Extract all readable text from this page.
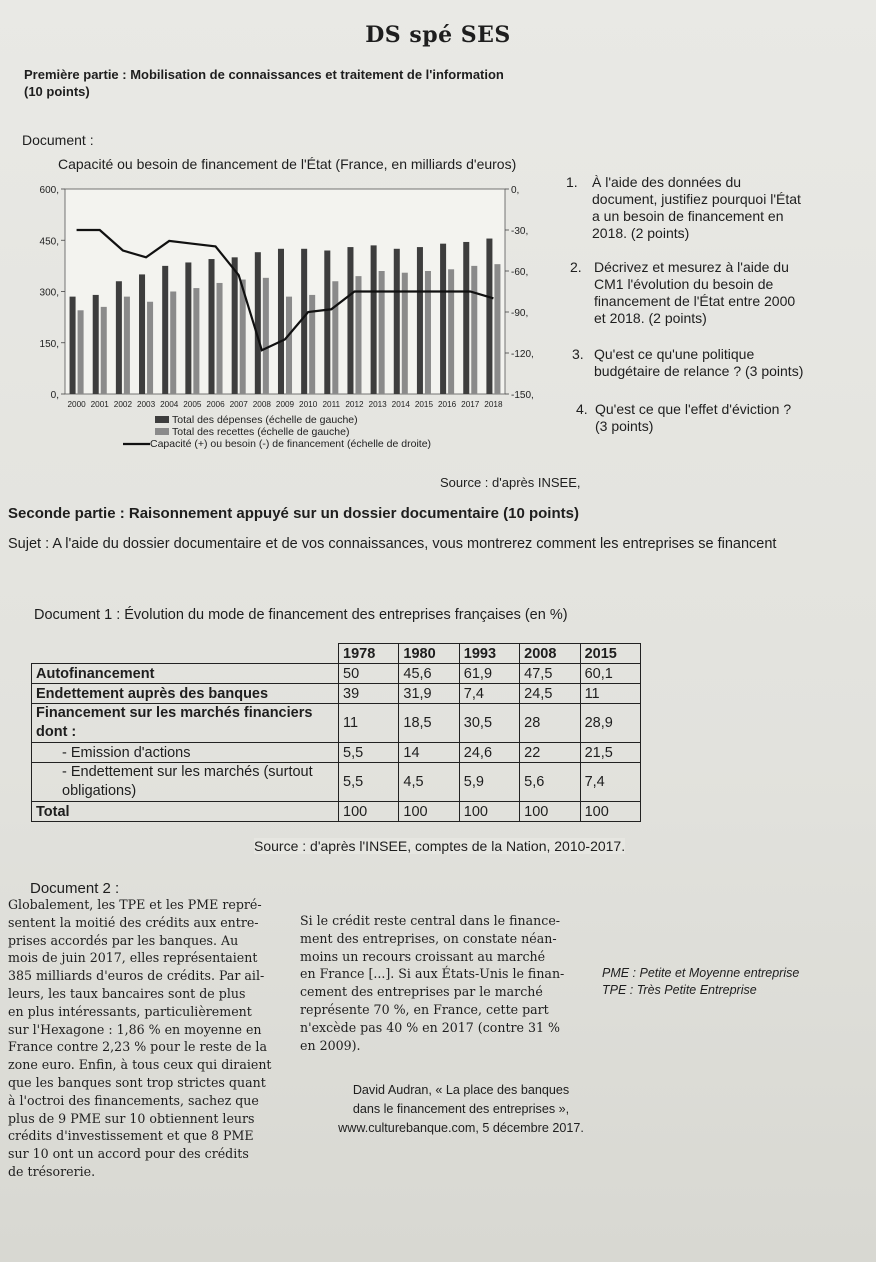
DS spé SES
Première partie : Mobilisation de connaissances et traitement de l'information
(10 points)
Document :
Capacité ou besoin de financement de l'État (France, en milliards d'euros)
600,
450,
300,
150,
0,
0,
-30,
-60,
-90,
-120,
-150,
2000 2001 2002 2003 2004 2005 2006 2007 2008 2009 2010 2011 2012 2013 2014 2015 2016 2017 2018
Total des dépenses (échelle de gauche)
Total des recettes (échelle de gauche)
Capacité (+) ou besoin (-) de financement (échelle de droite)
1. À l'aide des données du
document, justifiez pourquoi l'État
a un besoin de financement en
2018. (2 points)
2. Décrivez et mesurez à l'aide du
CM1 l'évolution du besoin de
financement de l'État entre 2000
et 2018. (2 points)
3. Qu'est ce qu'une politique
budgétaire de relance ? (3 points)
4. Qu'est ce que l'effet d'éviction ?
(3 points)
Source : d'après INSEE,
Seconde partie : Raisonnement appuyé sur un dossier documentaire (10 points)
Sujet : A l'aide du dossier documentaire et de vos connaissances, vous montrerez comment les entreprises se financent
Document 1 : Évolution du mode de financement des entreprises françaises (en %)
	1978	1980	1993	2008	2015
Autofinancement	50	45,6	61,9	47,5	60,1
Endettement auprès des banques	39	31,9	7,4	24,5	11
Financement sur les marchés financiers dont :	11	18,5	30,5	28	28,9
- Emission d'actions	5,5	14	24,6	22	21,5
- Endettement sur les marchés (surtout obligations)	5,5	4,5	5,9	5,6	7,4
Total	100	100	100	100	100
Source : d'après l'INSEE, comptes de la Nation, 2010-2017.
Document 2 :
Globalement, les TPE et les PME repré-
sentent la moitié des crédits aux entre-
prises accordés par les banques. Au
mois de juin 2017, elles représentaient
385 milliards d'euros de crédits. Par ail-
leurs, les taux bancaires sont de plus
en plus intéressants, particulièrement
sur l'Hexagone : 1,86 % en moyenne en
France contre 2,23 % pour le reste de la
zone euro. Enfin, à tous ceux qui diraient
que les banques sont trop strictes quant
à l'octroi des financements, sachez que
plus de 9 PME sur 10 obtiennent leurs
crédits d'investissement et que 8 PME
sur 10 ont un accord pour des crédits
de trésorerie.
Si le crédit reste central dans le finance-
ment des entreprises, on constate néan-
moins un recours croissant au marché
en France [...]. Si aux États-Unis le finan-
cement des entreprises par le marché
représente 70 %, en France, cette part
n'excède pas 40 % en 2017 (contre 31 %
en 2009).
David Audran, « La place des banques
dans le financement des entreprises »,
www.culturebanque.com, 5 décembre 2017.
PME : Petite et Moyenne entreprise
TPE : Très Petite Entreprise
